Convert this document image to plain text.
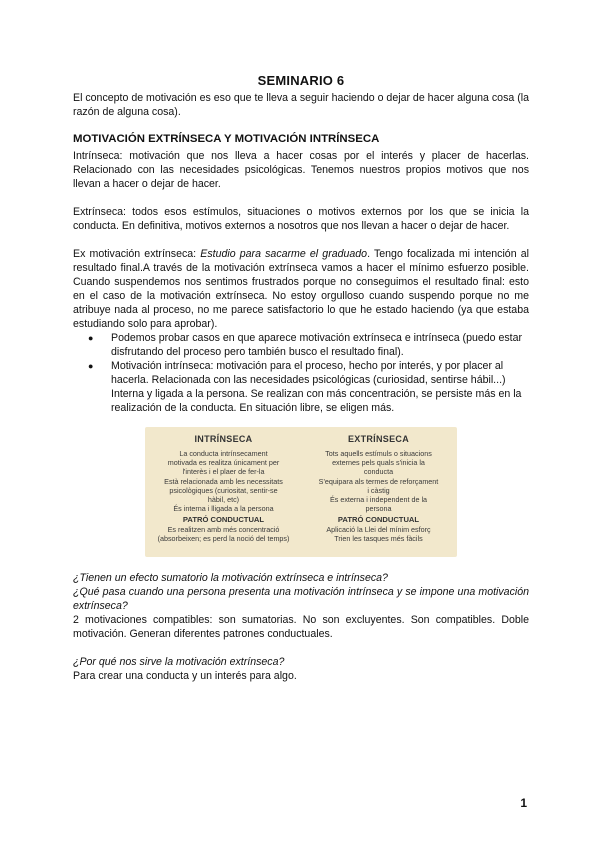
SEMINARIO 6

El concepto de motivación es eso que te lleva a seguir haciendo o dejar de hacer alguna cosa (la razón de alguna cosa).

MOTIVACIÓN EXTRÍNSECA Y MOTIVACIÓN INTRÍNSECA

Intrínseca: motivación que nos lleva a hacer cosas por el interés y placer de hacerlas. Relacionado con las necesidades psicológicas. Tenemos nuestros propios motivos que nos llevan a hacer o dejar de hacer.

Extrínseca: todos esos estímulos, situaciones o motivos externos por los que se inicia la conducta. En definitiva, motivos externos a nosotros que nos llevan a hacer o dejar de hacer.

Ex motivación extrínseca: Estudio para sacarme el graduado. Tengo focalizada mi intención al resultado final.A través de la motivación extrínseca vamos a hacer el mínimo esfuerzo posible. Cuando suspendemos nos sentimos frustrados porque no conseguimos el resultado final: esto en el caso de la motivación extrínseca. No estoy orgulloso cuando suspendo porque no me atribuye nada al proceso, no me parece satisfactorio lo que he estado haciendo (ya que estaba estudiando solo para aprobar).

● Podemos probar casos en que aparece motivación extrínseca e intrínseca (puedo estar disfrutando del proceso pero también busco el resultado final).

● Motivación intrínseca: motivación para el proceso, hecho por interés, y por placer al hacerla. Relacionada con las necesidades psicológicas (curiosidad, sentirse hábil...) Interna y ligada a la persona. Se realizan con más concentración, se persiste más en la realización de la conducta. En situación libre, se eligen más.

INTRÍNSECA
La conducta intrínsecament
motivada es realitza únicament per
l'interès i el plaer de fer-la
Està relacionada amb les necessitats
psicològiques (curiositat, sentir-se
hàbil, etc)
És interna i lligada a la persona
PATRÓ CONDUCTUAL
Es realitzen amb més concentració
(absorbeixen; es perd la noció del temps)
EXTRÍNSECA
Tots aquells estímuls o situacions
externes pels quals s'inicia la
conducta
S'equipara als termes de reforçament
i càstig
És externa i independent de la
persona
PATRÓ CONDUCTUAL
Aplicació la Llei del mínim esforç
Trien les tasques més fàcils

¿Tienen un efecto sumatorio la motivación extrínseca e intrínseca?

¿Qué pasa cuando una persona presenta una motivación intrínseca y se impone una motivación extrínseca?

2 motivaciones compatibles: son sumatorias. No son excluyentes. Son compatibles. Doble motivación. Generan diferentes patrones conductuales.

¿Por qué nos sirve la motivación extrínseca?

Para crear una conducta y un interés para algo.

1
